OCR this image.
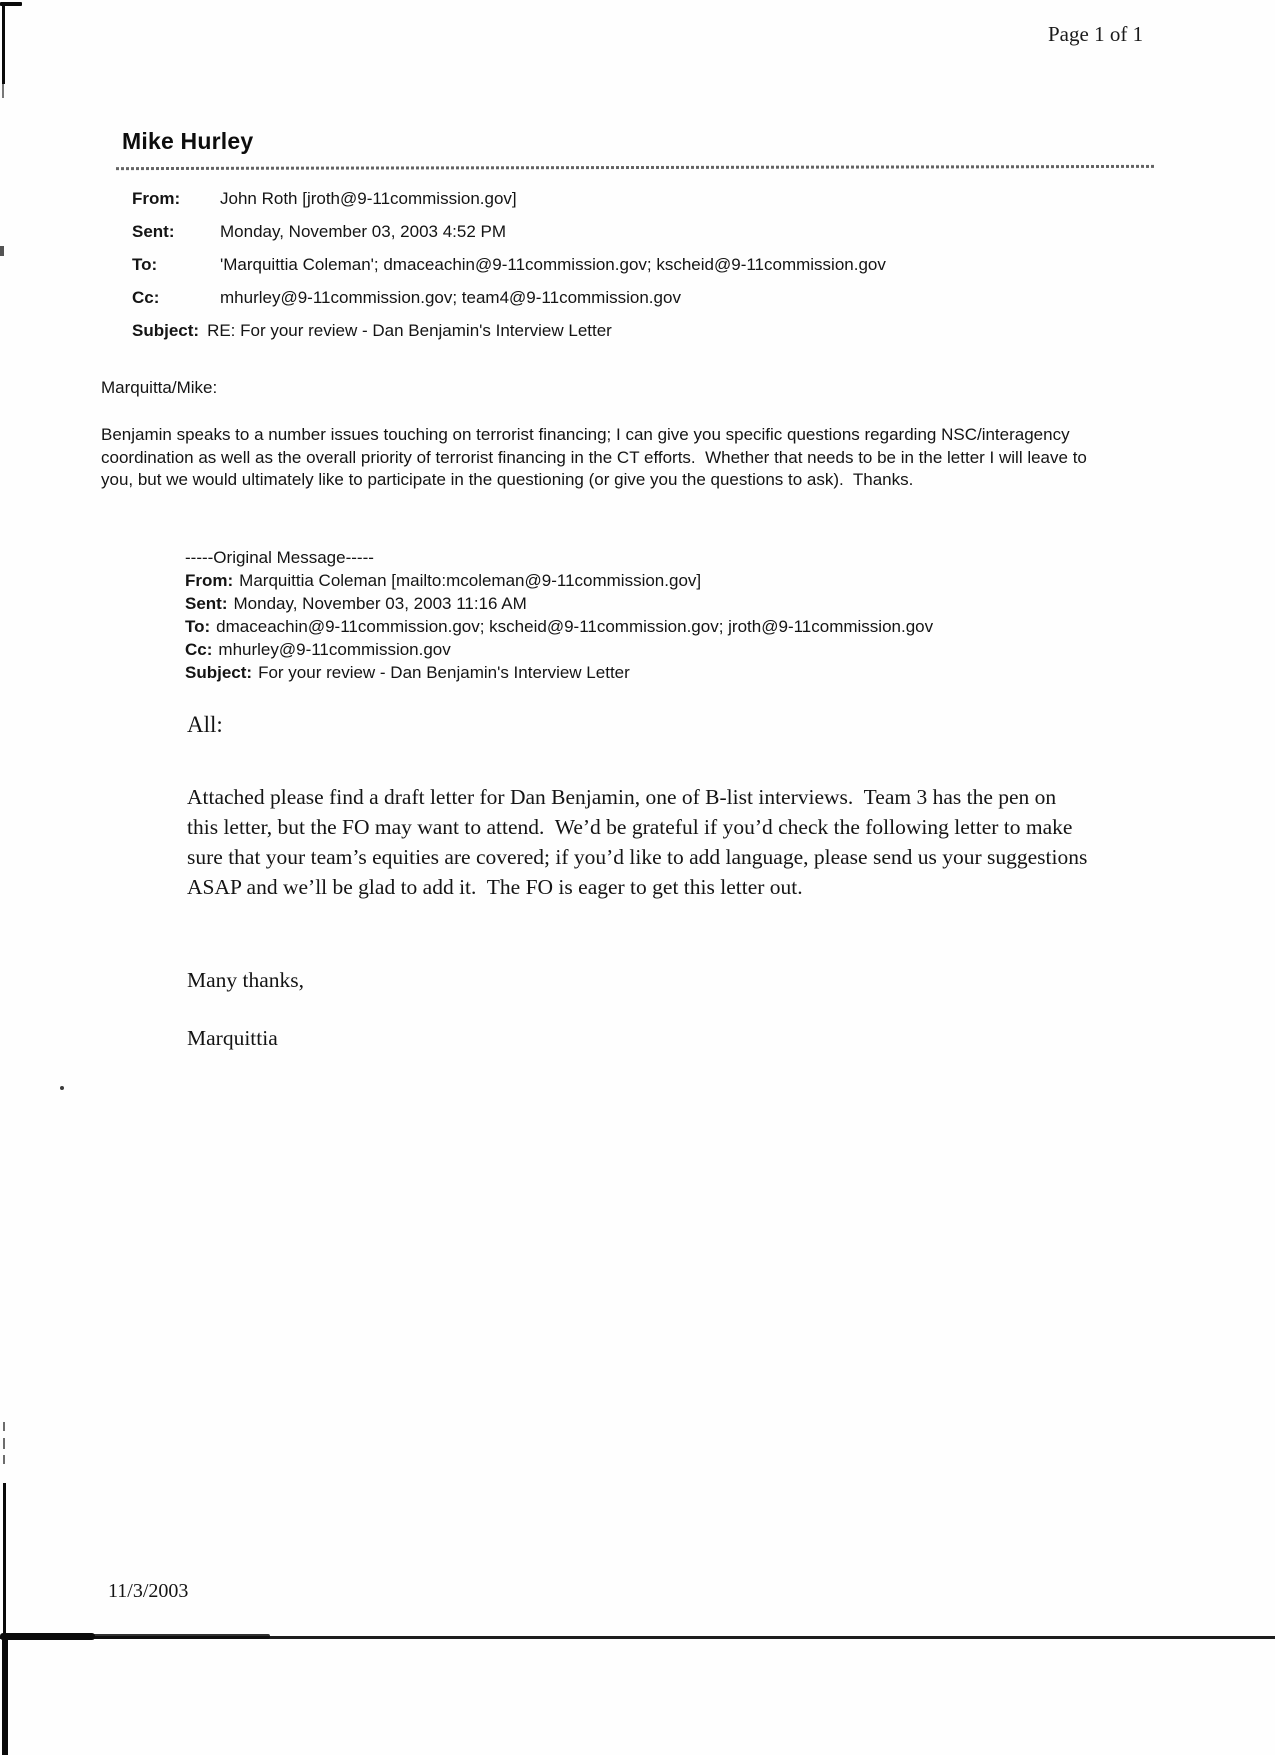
Page 1 of 1
Mike Hurley
From:	John Roth [jroth@9-11commission.gov]
Sent:	Monday, November 03, 2003 4:52 PM
To:	'Marquittia Coleman'; dmaceachin@9-11commission.gov; kscheid@9-11commission.gov
Cc:	mhurley@9-11commission.gov; team4@9-11commission.gov
Subject: RE: For your review - Dan Benjamin's Interview Letter
Marquitta/Mike:
Benjamin speaks to a number issues touching on terrorist financing; I can give you specific questions regarding NSC/interagency coordination as well as the overall priority of terrorist financing in the CT efforts.  Whether that needs to be in the letter I will leave to you, but we would ultimately like to participate in the questioning (or give you the questions to ask).  Thanks.
-----Original Message-----
From: Marquittia Coleman [mailto:mcoleman@9-11commission.gov]
Sent: Monday, November 03, 2003 11:16 AM
To: dmaceachin@9-11commission.gov; kscheid@9-11commission.gov; jroth@9-11commission.gov
Cc: mhurley@9-11commission.gov
Subject: For your review - Dan Benjamin's Interview Letter
All:
Attached please find a draft letter for Dan Benjamin, one of B-list interviews.  Team 3 has the pen on this letter, but the FO may want to attend.  We’d be grateful if you’d check the following letter to make sure that your team’s equities are covered; if you’d like to add language, please send us your suggestions ASAP and we’ll be glad to add it.  The FO is eager to get this letter out.
Many thanks,
Marquittia
11/3/2003
